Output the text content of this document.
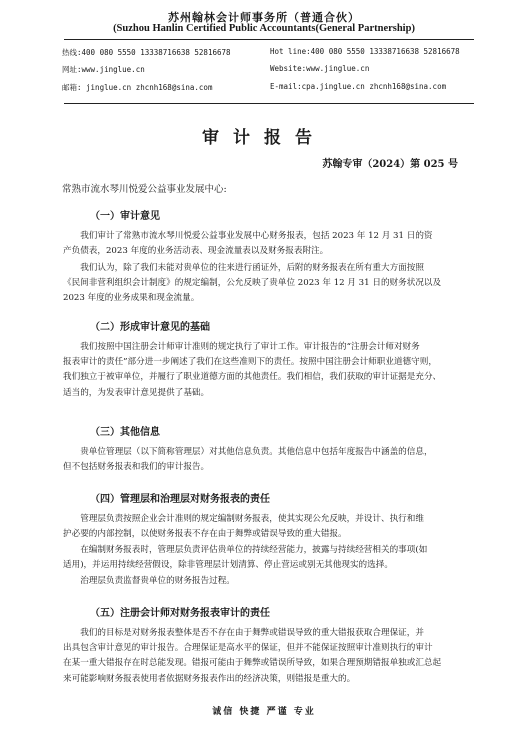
苏州翰林会计师事务所（普通合伙）
(Suzhou Hanlin Certified Public Accountants(General Partnership)
热线:400 080 5550 13338716638 52816678	Hot line:400 080 5550 13338716638 52816678
网址:www.jinglue.cn	Website:www.jinglue.cn
邮箱: jinglue.cn zhcnh168@sina.com	E-mail:cpa.jinglue.cn zhcnh168@sina.com
审计报告
苏翰专审（2024）第 025 号
常熟市流水琴川悦爱公益事业发展中心:
（一）审计意见
我们审计了常熟市流水琴川悦爱公益事业发展中心财务报表，包括 2023 年 12 月 31 日的资
产负债表，2023 年度的业务活动表、现金流量表以及财务报表附注。
我们认为，除了我们未能对贵单位的往来进行函证外，后附的财务报表在所有重大方面按照
《民间非营利组织会计制度》的规定编制，公允反映了贵单位 2023 年 12 月 31 日的财务状况以及
2023 年度的业务成果和现金流量。
（二）形成审计意见的基础
我们按照中国注册会计师审计准则的规定执行了审计工作。审计报告的“注册会计师对财务
报表审计的责任”部分进一步阐述了我们在这些准则下的责任。按照中国注册会计师职业道德守则，
我们独立于被审单位，并履行了职业道德方面的其他责任。我们相信，我们获取的审计证据是充分、
适当的，为发表审计意见提供了基础。
（三）其他信息
贵单位管理层（以下简称管理层）对其他信息负责。其他信息中包括年度报告中涵盖的信息，
但不包括财务报表和我们的审计报告。
（四）管理层和治理层对财务报表的责任
管理层负责按照企业会计准则的规定编制财务报表，使其实现公允反映，并设计、执行和维
护必要的内部控制，以使财务报表不存在由于舞弊或错误导致的重大错报。
在编制财务报表时，管理层负责评估贵单位的持续经营能力，披露与持续经营相关的事项(如
适用)，并运用持续经营假设，除非管理层计划清算、停止营运或别无其他现实的选择。
治理层负责监督贵单位的财务报告过程。
（五）注册会计师对财务报表审计的责任
我们的目标是对财务报表整体是否不存在由于舞弊或错误导致的重大错报获取合理保证，并
出具包含审计意见的审计报告。合理保证是高水平的保证，但并不能保证按照审计准则执行的审计
在某一重大错报存在时总能发现。错报可能由于舞弊或错误所导致，如果合理预期错报单独或汇总起
来可能影响财务报表使用者依据财务报表作出的经济决策，则错报是重大的。
诚信 快捷 严谨 专业
